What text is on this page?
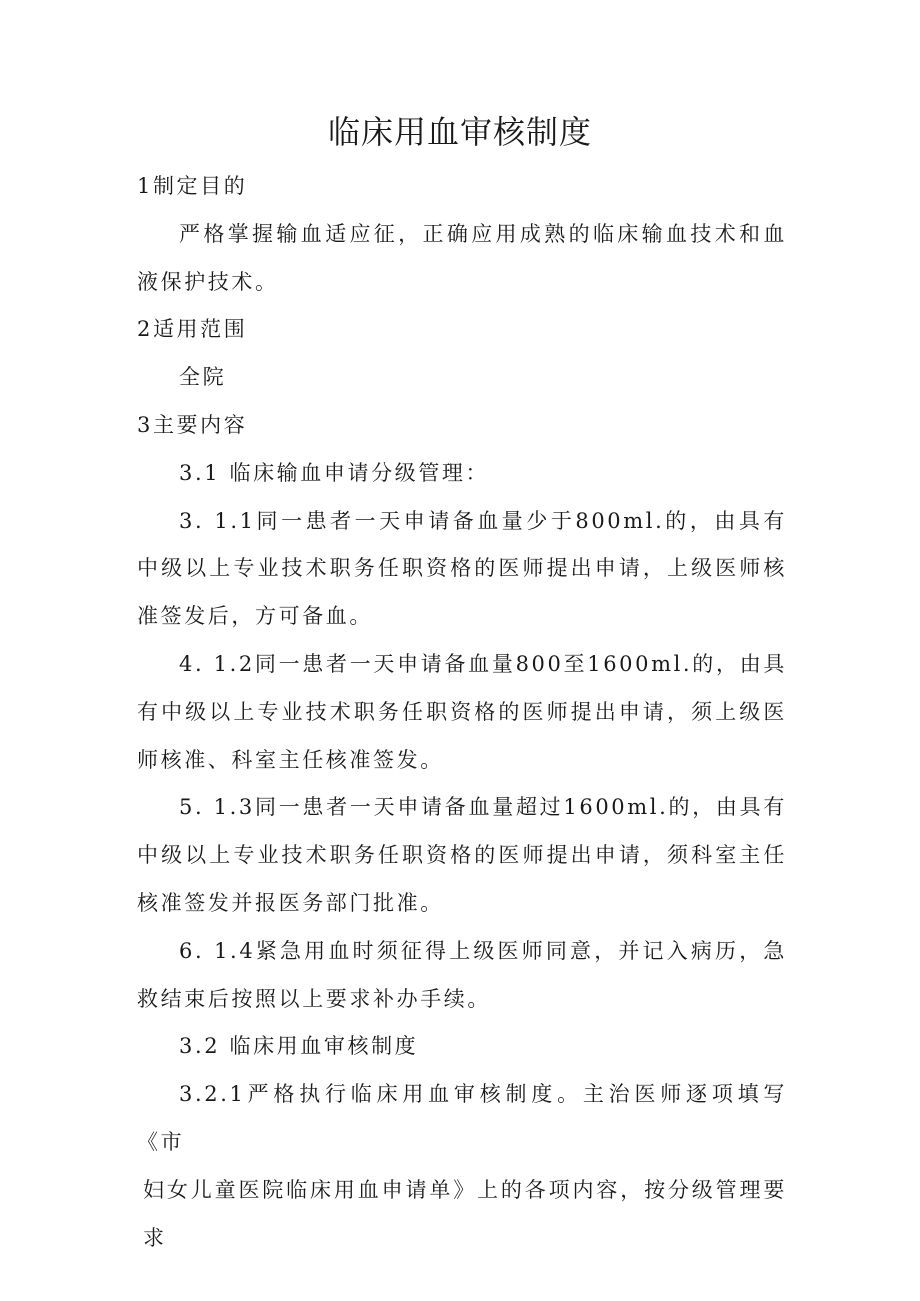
临床用血审核制度

1制定目的

严格掌握输血适应征，正确应用成熟的临床输血技术和血液保护技术。

2适用范围

全院

3主要内容

3.1 临床输血申请分级管理：

3. 1.1同一患者一天申请备血量少于800ml.的，由具有中级以上专业技术职务任职资格的医师提出申请，上级医师核准签发后，方可备血。

4. 1.2同一患者一天申请备血量800至1600ml.的，由具有中级以上专业技术职务任职资格的医师提出申请，须上级医师核准、科室主任核准签发。

5. 1.3同一患者一天申请备血量超过1600ml.的，由具有中级以上专业技术职务任职资格的医师提出申请，须科室主任核准签发并报医务部门批准。

6. 1.4紧急用血时须征得上级医师同意，并记入病历，急救结束后按照以上要求补办手续。

3.2 临床用血审核制度

3.2.1严格执行临床用血审核制度。主治医师逐项填写《市

妇女儿童医院临床用血申请单》上的各项内容，按分级管理要求
